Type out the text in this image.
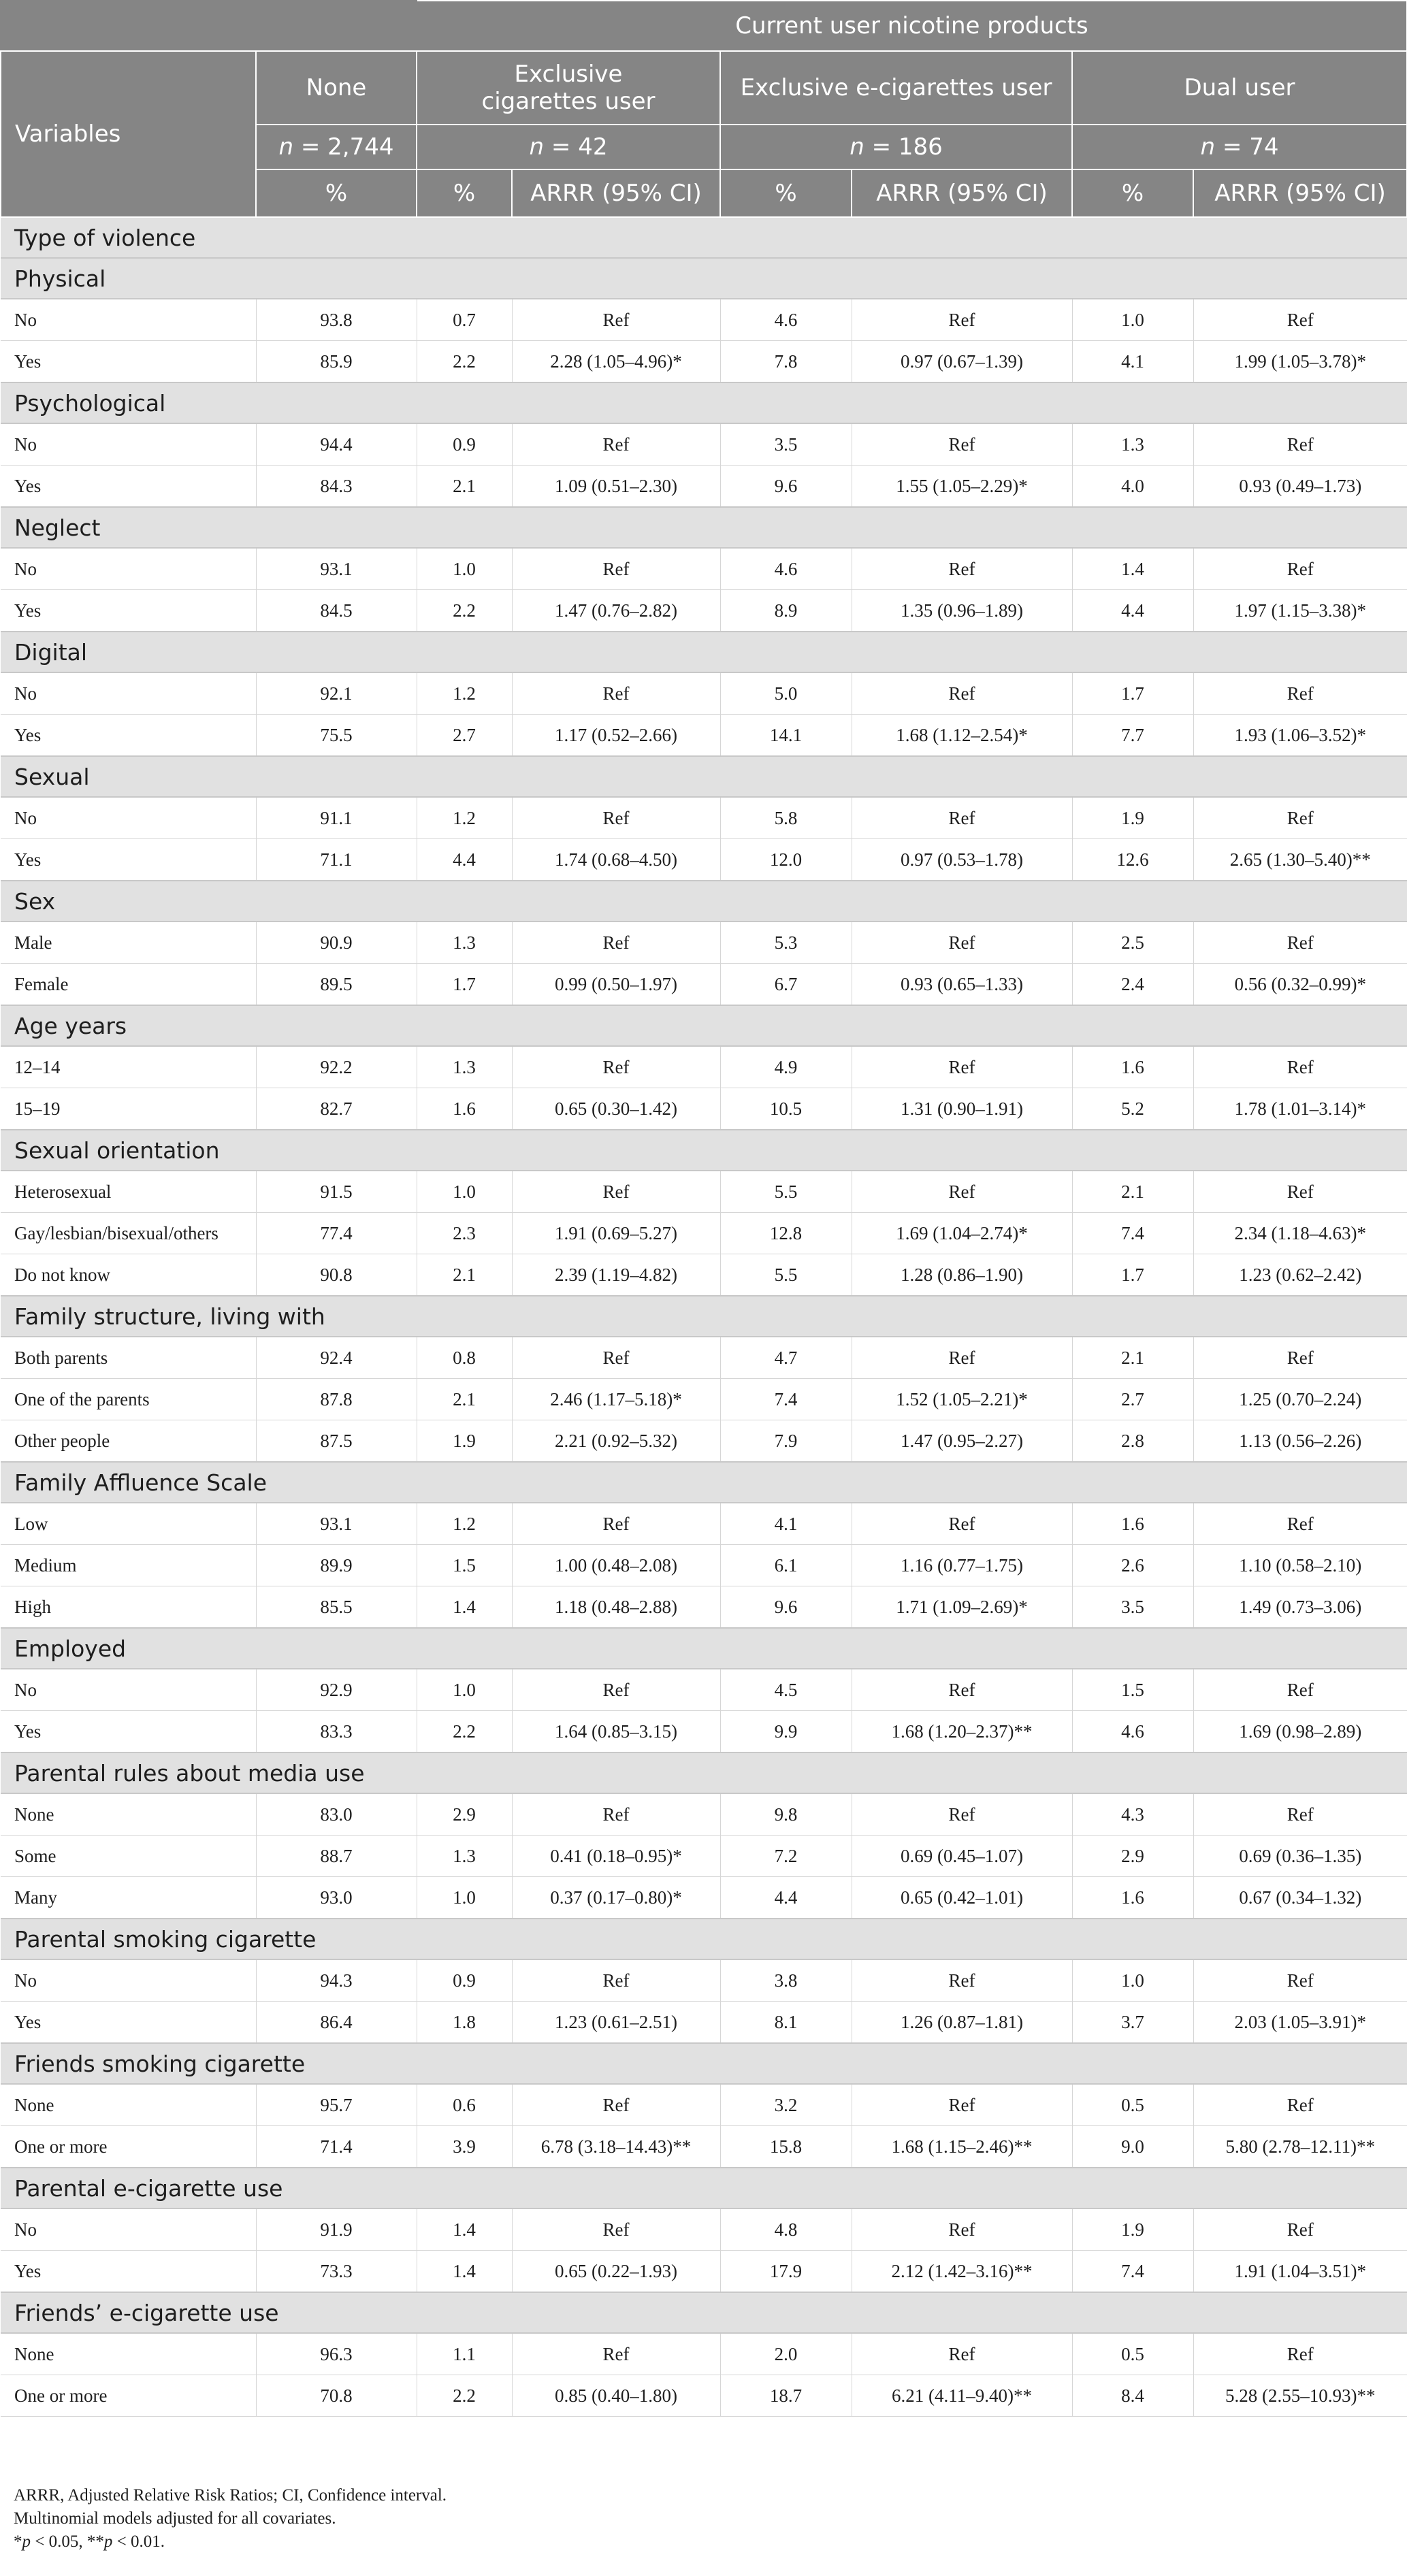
		Current user nicotine products					
Variables	None	Exclusive cigarettes user		Exclusive e-cigarettes user		Dual user	
	n = 2,744	n = 42		n = 186		n = 74	
	%	%	ARRR (95% CI)	%	ARRR (95% CI)	%	ARRR (95% CI)
Type of violence							
Physical							
No	93.8	0.7	Ref	4.6	Ref	1.0	Ref
Yes	85.9	2.2	2.28 (1.05–4.96)*	7.8	0.97 (0.67–1.39)	4.1	1.99 (1.05–3.78)*
Psychological							
No	94.4	0.9	Ref	3.5	Ref	1.3	Ref
Yes	84.3	2.1	1.09 (0.51–2.30)	9.6	1.55 (1.05–2.29)*	4.0	0.93 (0.49–1.73)
Neglect							
No	93.1	1.0	Ref	4.6	Ref	1.4	Ref
Yes	84.5	2.2	1.47 (0.76–2.82)	8.9	1.35 (0.96–1.89)	4.4	1.97 (1.15–3.38)*
Digital							
No	92.1	1.2	Ref	5.0	Ref	1.7	Ref
Yes	75.5	2.7	1.17 (0.52–2.66)	14.1	1.68 (1.12–2.54)*	7.7	1.93 (1.06–3.52)*
Sexual							
No	91.1	1.2	Ref	5.8	Ref	1.9	Ref
Yes	71.1	4.4	1.74 (0.68–4.50)	12.0	0.97 (0.53–1.78)	12.6	2.65 (1.30–5.40)**
Sex							
Male	90.9	1.3	Ref	5.3	Ref	2.5	Ref
Female	89.5	1.7	0.99 (0.50–1.97)	6.7	0.93 (0.65–1.33)	2.4	0.56 (0.32–0.99)*
Age years							
12–14	92.2	1.3	Ref	4.9	Ref	1.6	Ref
15–19	82.7	1.6	0.65 (0.30–1.42)	10.5	1.31 (0.90–1.91)	5.2	1.78 (1.01–3.14)*
Sexual orientation							
Heterosexual	91.5	1.0	Ref	5.5	Ref	2.1	Ref
Gay/lesbian/bisexual/others	77.4	2.3	1.91 (0.69–5.27)	12.8	1.69 (1.04–2.74)*	7.4	2.34 (1.18–4.63)*
Do not know	90.8	2.1	2.39 (1.19–4.82)	5.5	1.28 (0.86–1.90)	1.7	1.23 (0.62–2.42)
Family structure, living with							
Both parents	92.4	0.8	Ref	4.7	Ref	2.1	Ref
One of the parents	87.8	2.1	2.46 (1.17–5.18)*	7.4	1.52 (1.05–2.21)*	2.7	1.25 (0.70–2.24)
Other people	87.5	1.9	2.21 (0.92–5.32)	7.9	1.47 (0.95–2.27)	2.8	1.13 (0.56–2.26)
Family Affluence Scale							
Low	93.1	1.2	Ref	4.1	Ref	1.6	Ref
Medium	89.9	1.5	1.00 (0.48–2.08)	6.1	1.16 (0.77–1.75)	2.6	1.10 (0.58–2.10)
High	85.5	1.4	1.18 (0.48–2.88)	9.6	1.71 (1.09–2.69)*	3.5	1.49 (0.73–3.06)
Employed							
No	92.9	1.0	Ref	4.5	Ref	1.5	Ref
Yes	83.3	2.2	1.64 (0.85–3.15)	9.9	1.68 (1.20–2.37)**	4.6	1.69 (0.98–2.89)
Parental rules about media use							
None	83.0	2.9	Ref	9.8	Ref	4.3	Ref
Some	88.7	1.3	0.41 (0.18–0.95)*	7.2	0.69 (0.45–1.07)	2.9	0.69 (0.36–1.35)
Many	93.0	1.0	0.37 (0.17–0.80)*	4.4	0.65 (0.42–1.01)	1.6	0.67 (0.34–1.32)
Parental smoking cigarette							
No	94.3	0.9	Ref	3.8	Ref	1.0	Ref
Yes	86.4	1.8	1.23 (0.61–2.51)	8.1	1.26 (0.87–1.81)	3.7	2.03 (1.05–3.91)*
Friends smoking cigarette							
None	95.7	0.6	Ref	3.2	Ref	0.5	Ref
One or more	71.4	3.9	6.78 (3.18–14.43)**	15.8	1.68 (1.15–2.46)**	9.0	5.80 (2.78–12.11)**
Parental e-cigarette use							
No	91.9	1.4	Ref	4.8	Ref	1.9	Ref
Yes	73.3	1.4	0.65 (0.22–1.93)	17.9	2.12 (1.42–3.16)**	7.4	1.91 (1.04–3.51)*
Friends’ e-cigarette use							
None	96.3	1.1	Ref	2.0	Ref	0.5	Ref
One or more	70.8	2.2	0.85 (0.40–1.80)	18.7	6.21 (4.11–9.40)**	8.4	5.28 (2.55–10.93)**
ARRR, Adjusted Relative Risk Ratios; CI, Confidence interval.
Multinomial models adjusted for all covariates.
*p < 0.05, **p < 0.01.
